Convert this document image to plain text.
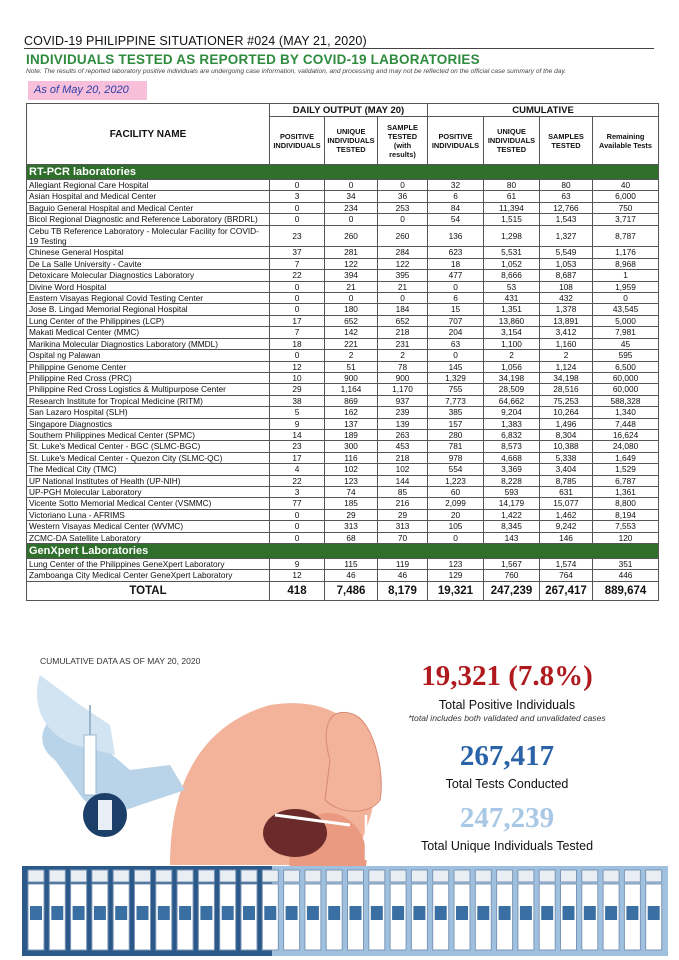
COVID-19 PHILIPPINE SITUATIONER #024 (MAY 21, 2020)
INDIVIDUALS TESTED AS REPORTED BY COVID-19 LABORATORIES
Note: The results of reported laboratory positive individuals are undergoing case information, validation, and processing and may not be reflected on the official case summary of the day.
As of May 20, 2020
FACILITY NAME	DAILY OUTPUT (MAY 20)			CUMULATIVE			
	POSITIVE INDIVIDUALS	UNIQUE INDIVIDUALS TESTED	SAMPLE TESTED (with results)	POSITIVE INDIVIDUALS	UNIQUE INDIVIDUALS TESTED	SAMPLES TESTED	Remaining Available Tests
RT-PCR laboratories							
Allegiant Regional Care Hospital	0	0	0	32	80	80	40
Asian Hospital and Medical Center	3	34	36	6	61	63	6,000
Baguio General Hospital and Medical Center	0	234	253	84	11,394	12,766	750
Bicol Regional Diagnostic and Reference Laboratory (BRDRL)	0	0	0	54	1,515	1,543	3,717
Cebu TB Reference Laboratory - Molecular Facility for COVID-19 Testing	23	260	260	136	1,298	1,327	8,787
Chinese General Hospital	37	281	284	623	5,531	5,549	1,176
De La Salle University - Cavite	7	122	122	18	1,052	1,053	8,968
Detoxicare Molecular Diagnostics Laboratory	22	394	395	477	8,666	8,687	1
Divine Word Hospital	0	21	21	0	53	108	1,959
Eastern Visayas Regional Covid Testing Center	0	0	0	6	431	432	0
Jose B. Lingad Memorial Regional Hospital	0	180	184	15	1,351	1,378	43,545
Lung Center of the Philippines (LCP)	17	652	652	707	13,860	13,891	5,000
Makati Medical Center (MMC)	7	142	218	204	3,154	3,412	7,981
Marikina Molecular Diagnostics Laboratory (MMDL)	18	221	231	63	1,100	1,160	45
Ospital ng Palawan	0	2	2	0	2	2	595
Philippine Genome Center	12	51	78	145	1,056	1,124	6,500
Philippine Red Cross (PRC)	10	900	900	1,329	34,198	34,198	60,000
Philippine Red Cross Logistics & Multipurpose Center	29	1,164	1,170	755	28,509	28,516	60,000
Research Institute for Tropical Medicine (RITM)	38	869	937	7,773	64,662	75,253	588,328
San Lazaro Hospital (SLH)	5	162	239	385	9,204	10,264	1,340
Singapore Diagnostics	9	137	139	157	1,383	1,496	7,448
Southern Philippines Medical Center (SPMC)	14	189	263	280	6,832	8,304	16,624
St. Luke's Medical Center - BGC (SLMC-BGC)	23	300	453	781	8,573	10,388	24,080
St. Luke's Medical Center - Quezon City (SLMC-QC)	17	116	218	978	4,668	5,338	1,649
The Medical City (TMC)	4	102	102	554	3,369	3,404	1,529
UP National Institutes of Health (UP-NIH)	22	123	144	1,223	8,228	8,785	6,787
UP-PGH Molecular Laboratory	3	74	85	60	593	631	1,361
Vicente Sotto Memorial Medical Center (VSMMC)	77	185	216	2,099	14,179	15,077	8,800
Victoriano Luna - AFRIMS	0	29	29	20	1,422	1,462	8,194
Western Visayas Medical Center (WVMC)	0	313	313	105	8,345	9,242	7,553
ZCMC-DA Satellite Laboratory	0	68	70	0	143	146	120
GenXpert Laboratories							
Lung Center of the Philippines GeneXpert Laboratory	9	115	119	123	1,567	1,574	351
Zamboanga City Medical Center GeneXpert Laboratory	12	46	46	129	760	764	446
TOTAL	418	7,486	8,179	19,321	247,239	267,417	889,674
CUMULATIVE DATA AS OF MAY 20, 2020	19,321 (7.8%)
Total Positive Individuals
*total includes both validated and unvalidated cases
267,417
Total Tests Conducted
247,239
Total Unique Individuals Tested
